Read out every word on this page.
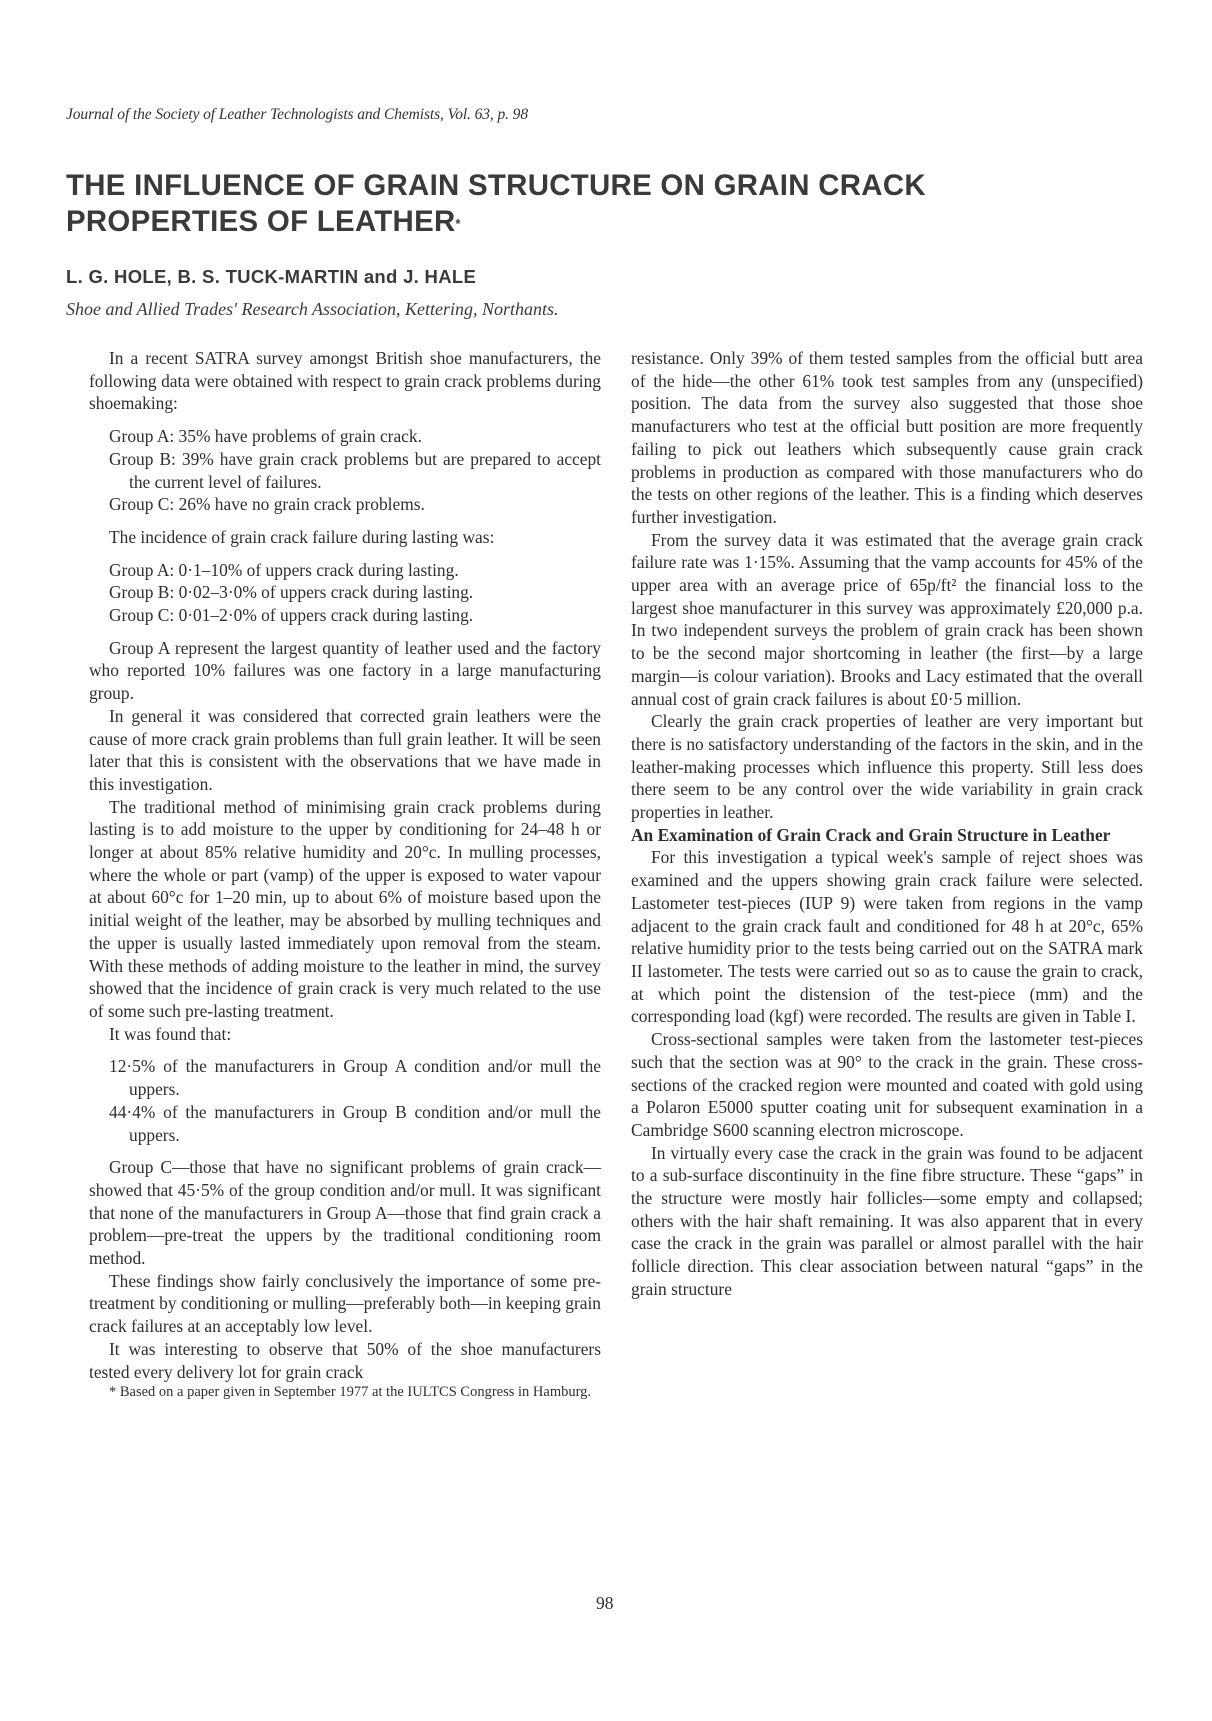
Journal of the Society of Leather Technologists and Chemists, Vol. 63, p. 98
THE INFLUENCE OF GRAIN STRUCTURE ON GRAIN CRACK PROPERTIES OF LEATHER*
L. G. HOLE, B. S. TUCK-MARTIN and J. HALE
Shoe and Allied Trades' Research Association, Kettering, Northants.

In a recent SATRA survey amongst British shoe manufacturers, the following data were obtained with respect to grain crack problems during shoemaking:

Group A: 35% have problems of grain crack.
Group B: 39% have grain crack problems but are prepared to accept the current level of failures.
Group C: 26% have no grain crack problems.

The incidence of grain crack failure during lasting was:

Group A: 0·1–10% of uppers crack during lasting.
Group B: 0·02–3·0% of uppers crack during lasting.
Group C: 0·01–2·0% of uppers crack during lasting.

Group A represent the largest quantity of leather used and the factory who reported 10% failures was one factory in a large manufacturing group.

In general it was considered that corrected grain leathers were the cause of more crack grain problems than full grain leather. It will be seen later that this is consistent with the observations that we have made in this investigation.

The traditional method of minimising grain crack problems during lasting is to add moisture to the upper by conditioning for 24–48 h or longer at about 85% relative humidity and 20°c. In mulling processes, where the whole or part (vamp) of the upper is exposed to water vapour at about 60°c for 1–20 min, up to about 6% of moisture based upon the initial weight of the leather, may be absorbed by mulling techniques and the upper is usually lasted immediately upon removal from the steam. With these methods of adding moisture to the leather in mind, the survey showed that the incidence of grain crack is very much related to the use of some such pre-lasting treatment.

It was found that:

12·5% of the manufacturers in Group A condition and/or mull the uppers.
44·4% of the manufacturers in Group B condition and/or mull the uppers.

Group C—those that have no significant problems of grain crack—showed that 45·5% of the group condition and/or mull. It was significant that none of the manufacturers in Group A—those that find grain crack a problem—pre-treat the uppers by the traditional conditioning room method.

These findings show fairly conclusively the importance of some pre-treatment by conditioning or mulling—preferably both—in keeping grain crack failures at an acceptably low level.

It was interesting to observe that 50% of the shoe manufacturers tested every delivery lot for grain crack

* Based on a paper given in September 1977 at the IULTCS Congress in Hamburg.

resistance. Only 39% of them tested samples from the official butt area of the hide—the other 61% took test samples from any (unspecified) position. The data from the survey also suggested that those shoe manufacturers who test at the official butt position are more frequently failing to pick out leathers which subsequently cause grain crack problems in production as compared with those manufacturers who do the tests on other regions of the leather. This is a finding which deserves further investigation.

From the survey data it was estimated that the average grain crack failure rate was 1·15%. Assuming that the vamp accounts for 45% of the upper area with an average price of 65p/ft² the financial loss to the largest shoe manufacturer in this survey was approximately £20,000 p.a. In two independent surveys the problem of grain crack has been shown to be the second major shortcoming in leather (the first—by a large margin—is colour variation). Brooks and Lacy estimated that the overall annual cost of grain crack failures is about £0·5 million.

Clearly the grain crack properties of leather are very important but there is no satisfactory understanding of the factors in the skin, and in the leather-making processes which influence this property. Still less does there seem to be any control over the wide variability in grain crack properties in leather.

An Examination of Grain Crack and Grain Structure in Leather

For this investigation a typical week's sample of reject shoes was examined and the uppers showing grain crack failure were selected. Lastometer test-pieces (IUP 9) were taken from regions in the vamp adjacent to the grain crack fault and conditioned for 48 h at 20°c, 65% relative humidity prior to the tests being carried out on the SATRA mark II lastometer. The tests were carried out so as to cause the grain to crack, at which point the distension of the test-piece (mm) and the corresponding load (kgf) were recorded. The results are given in Table I.

Cross-sectional samples were taken from the lastometer test-pieces such that the section was at 90° to the crack in the grain. These cross-sections of the cracked region were mounted and coated with gold using a Polaron E5000 sputter coating unit for subsequent examination in a Cambridge S600 scanning electron microscope.

In virtually every case the crack in the grain was found to be adjacent to a sub-surface discontinuity in the fine fibre structure. These “gaps” in the structure were mostly hair follicles—some empty and collapsed; others with the hair shaft remaining. It was also apparent that in every case the crack in the grain was parallel or almost parallel with the hair follicle direction. This clear association between natural “gaps” in the grain structure

98
